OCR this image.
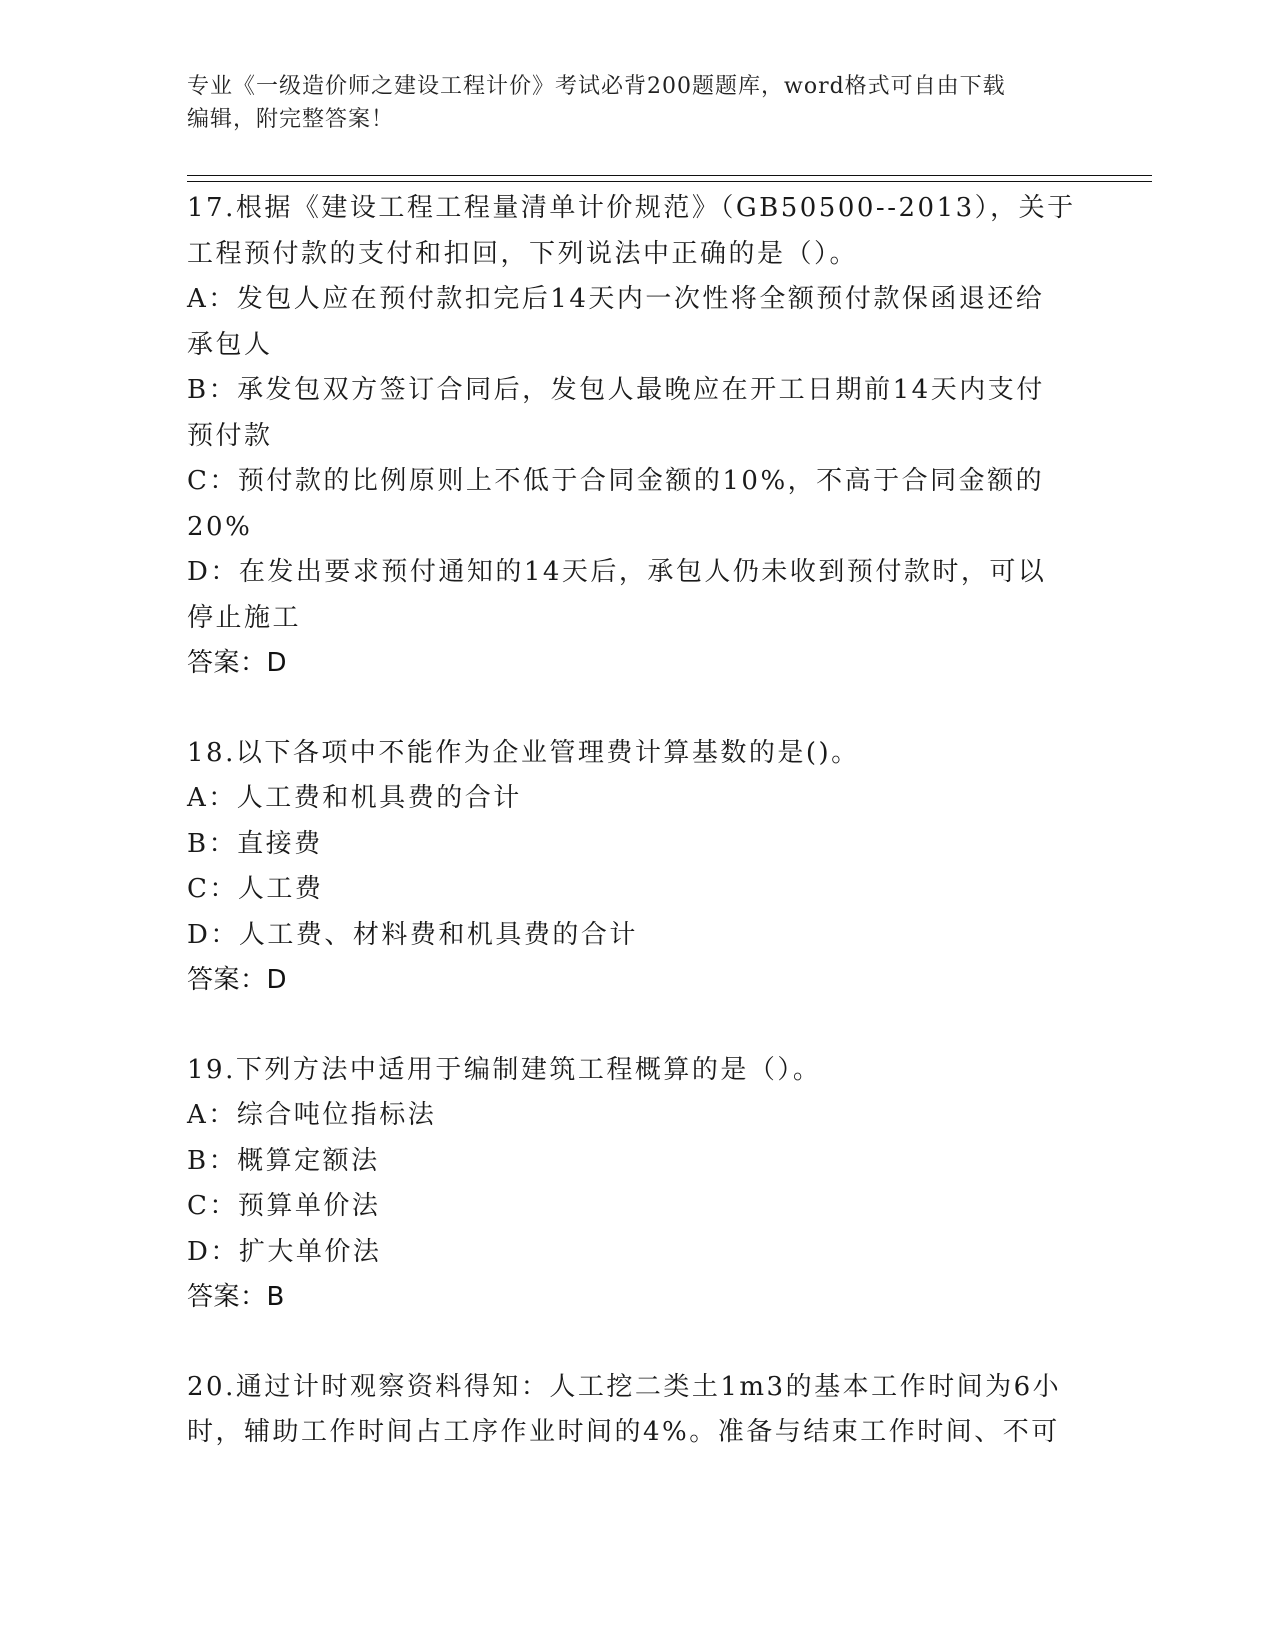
专业《一级造价师之建设工程计价》考试必背200题题库，word格式可自由下载
编辑，附完整答案！
17.根据《建设工程工程量清单计价规范》（GB50500--2013），关于
工程预付款的支付和扣回，下列说法中正确的是（）。
A：发包人应在预付款扣完后14天内一次性将全额预付款保函退还给
承包人
B：承发包双方签订合同后，发包人最晚应在开工日期前14天内支付
预付款
C：预付款的比例原则上不低于合同金额的10%，不高于合同金额的
20%
D：在发出要求预付通知的14天后，承包人仍未收到预付款时，可以
停止施工
答案：D
18.以下各项中不能作为企业管理费计算基数的是()。
A：人工费和机具费的合计
B：直接费
C：人工费
D：人工费、材料费和机具费的合计
答案：D
19.下列方法中适用于编制建筑工程概算的是（）。
A：综合吨位指标法
B：概算定额法
C：预算单价法
D：扩大单价法
答案：B
20.通过计时观察资料得知：人工挖二类土1m3的基本工作时间为6小
时，辅助工作时间占工序作业时间的4%。准备与结束工作时间、不可
